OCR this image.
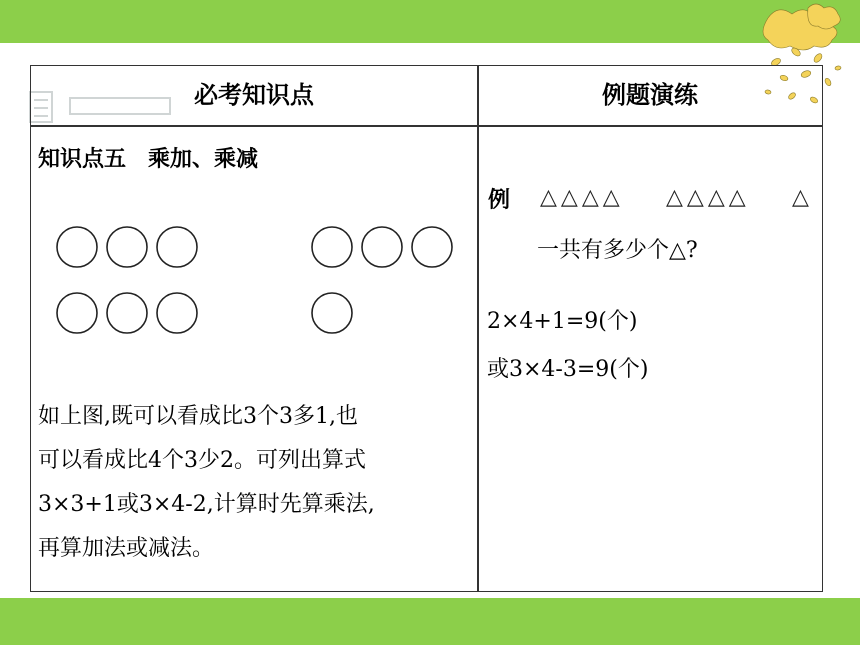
必考知识点	例题演练
知识点五　乘加、乘减
如上图,既可以看成比3个3多1,也
可以看成比4个3少2。可列出算式
3×3+1或3×4-2,计算时先算乘法,
再算加法或减法。
例 △△△△ △△△△ △
一共有多少个△?
2×4+1=9(个)
或3×4-3=9(个)
